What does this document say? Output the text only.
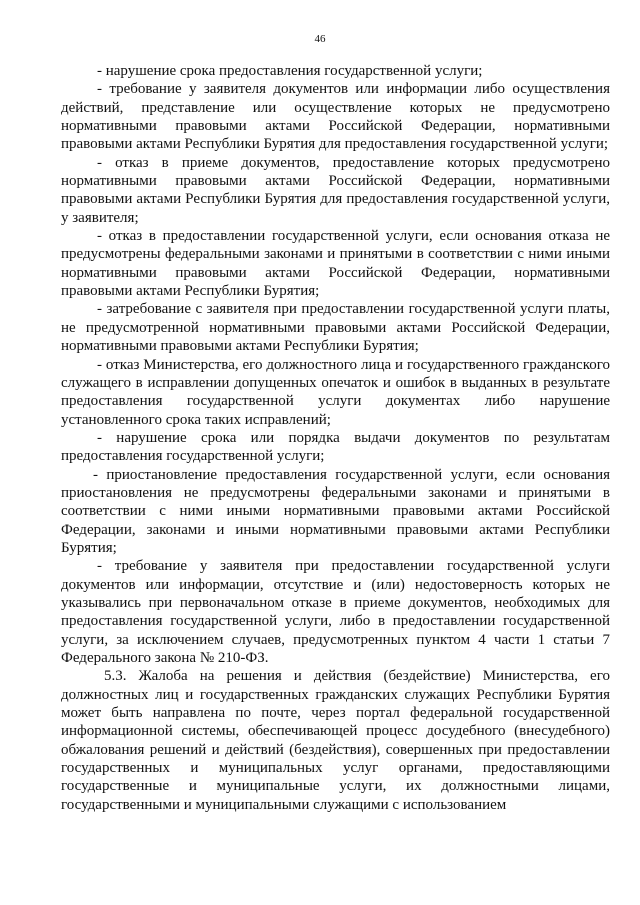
46

- нарушение срока предоставления государственной услуги;

- требование у заявителя документов или информации либо осуществления действий, представление или осуществление которых не предусмотрено нормативными правовыми актами Российской Федерации, нормативными правовыми актами Республики Бурятия для предоставления государственной услуги;

- отказ в приеме документов, предоставление которых предусмотрено нормативными правовыми актами Российской Федерации, нормативными правовыми актами Республики Бурятия для предоставления государственной услуги, у заявителя;

- отказ в предоставлении государственной услуги, если основания отказа не предусмотрены федеральными законами и принятыми в соответствии с ними иными нормативными правовыми актами Российской Федерации, нормативными правовыми актами Республики Бурятия;

- затребование с заявителя при предоставлении государственной услуги платы, не предусмотренной нормативными правовыми актами Российской Федерации, нормативными правовыми актами Республики Бурятия;

- отказ Министерства, его должностного лица и государственного гражданского служащего в исправлении допущенных опечаток и ошибок в выданных в результате предоставления государственной услуги документах либо нарушение установленного срока таких исправлений;

- нарушение срока или порядка выдачи документов по результатам предоставления государственной услуги;

- приостановление предоставления государственной услуги, если основания приостановления не предусмотрены федеральными законами и принятыми в соответствии с ними иными нормативными правовыми актами Российской Федерации, законами и иными нормативными правовыми актами Республики Бурятия;

- требование у заявителя при предоставлении государственной услуги документов или информации, отсутствие и (или) недостоверность которых не указывались при первоначальном отказе в приеме документов, необходимых для предоставления государственной услуги, либо в предоставлении государственной услуги, за исключением случаев, предусмотренных пунктом 4 части 1 статьи 7 Федерального закона № 210-ФЗ.

5.3. Жалоба на решения и действия (бездействие) Министерства, его должностных лиц и государственных гражданских служащих Республики Бурятия может быть направлена по почте, через портал федеральной государственной информационной системы, обеспечивающей процесс досудебного (внесудебного) обжалования решений и действий (бездействия), совершенных при предоставлении государственных и муниципальных услуг органами, предоставляющими государственные и муниципальные услуги, их должностными лицами, государственными и муниципальными служащими с использованием
